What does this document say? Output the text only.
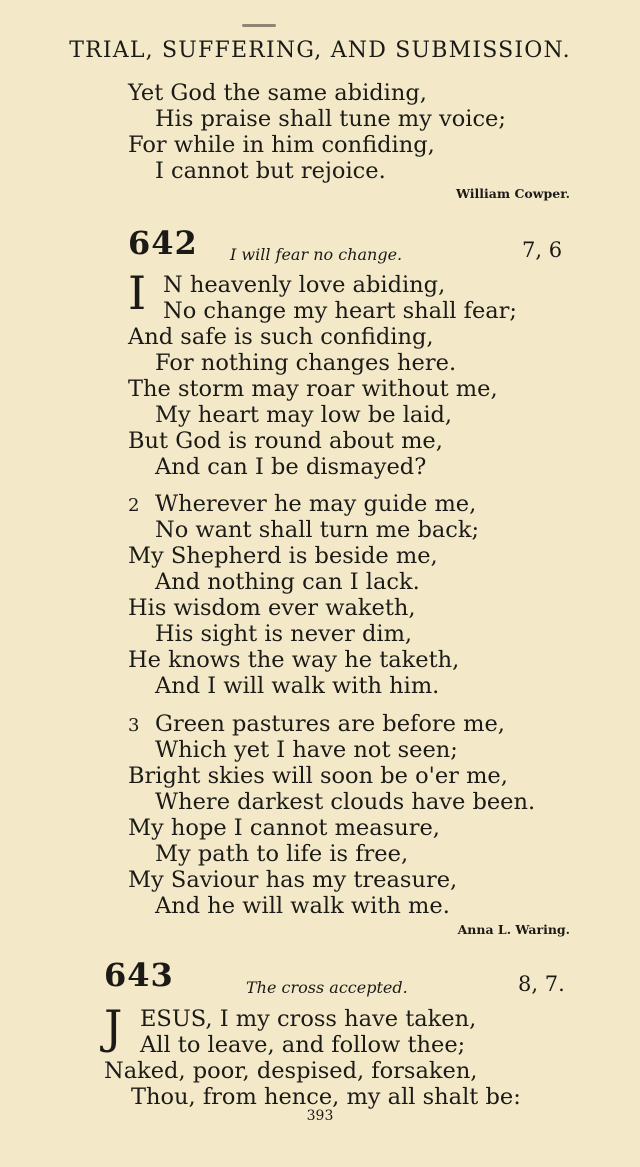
TRIAL, SUFFERING, AND SUBMISSION.
Yet God the same abiding,
His praise shall tune my voice;
For while in him confiding,
I cannot but rejoice.
William Cowper.
642 I will fear no change.	7, 6
I N heavenly love abiding,
No change my heart shall fear;
And safe is such confiding,
For nothing changes here.
The storm may roar without me,
My heart may low be laid,
But God is round about me,
And can I be dismayed?
2 Wherever he may guide me,
No want shall turn me back;
My Shepherd is beside me,
And nothing can I lack.
His wisdom ever waketh,
His sight is never dim,
He knows the way he taketh,
And I will walk with him.
3 Green pastures are before me,
Which yet I have not seen;
Bright skies will soon be o'er me,
Where darkest clouds have been.
My hope I cannot measure,
My path to life is free,
My Saviour has my treasure,
And he will walk with me.
Anna L. Waring.
643	The cross accepted.	8, 7.
J ESUS, I my cross have taken,
All to leave, and follow thee;
Naked, poor, despised, forsaken,
Thou, from hence, my all shalt be:
393
